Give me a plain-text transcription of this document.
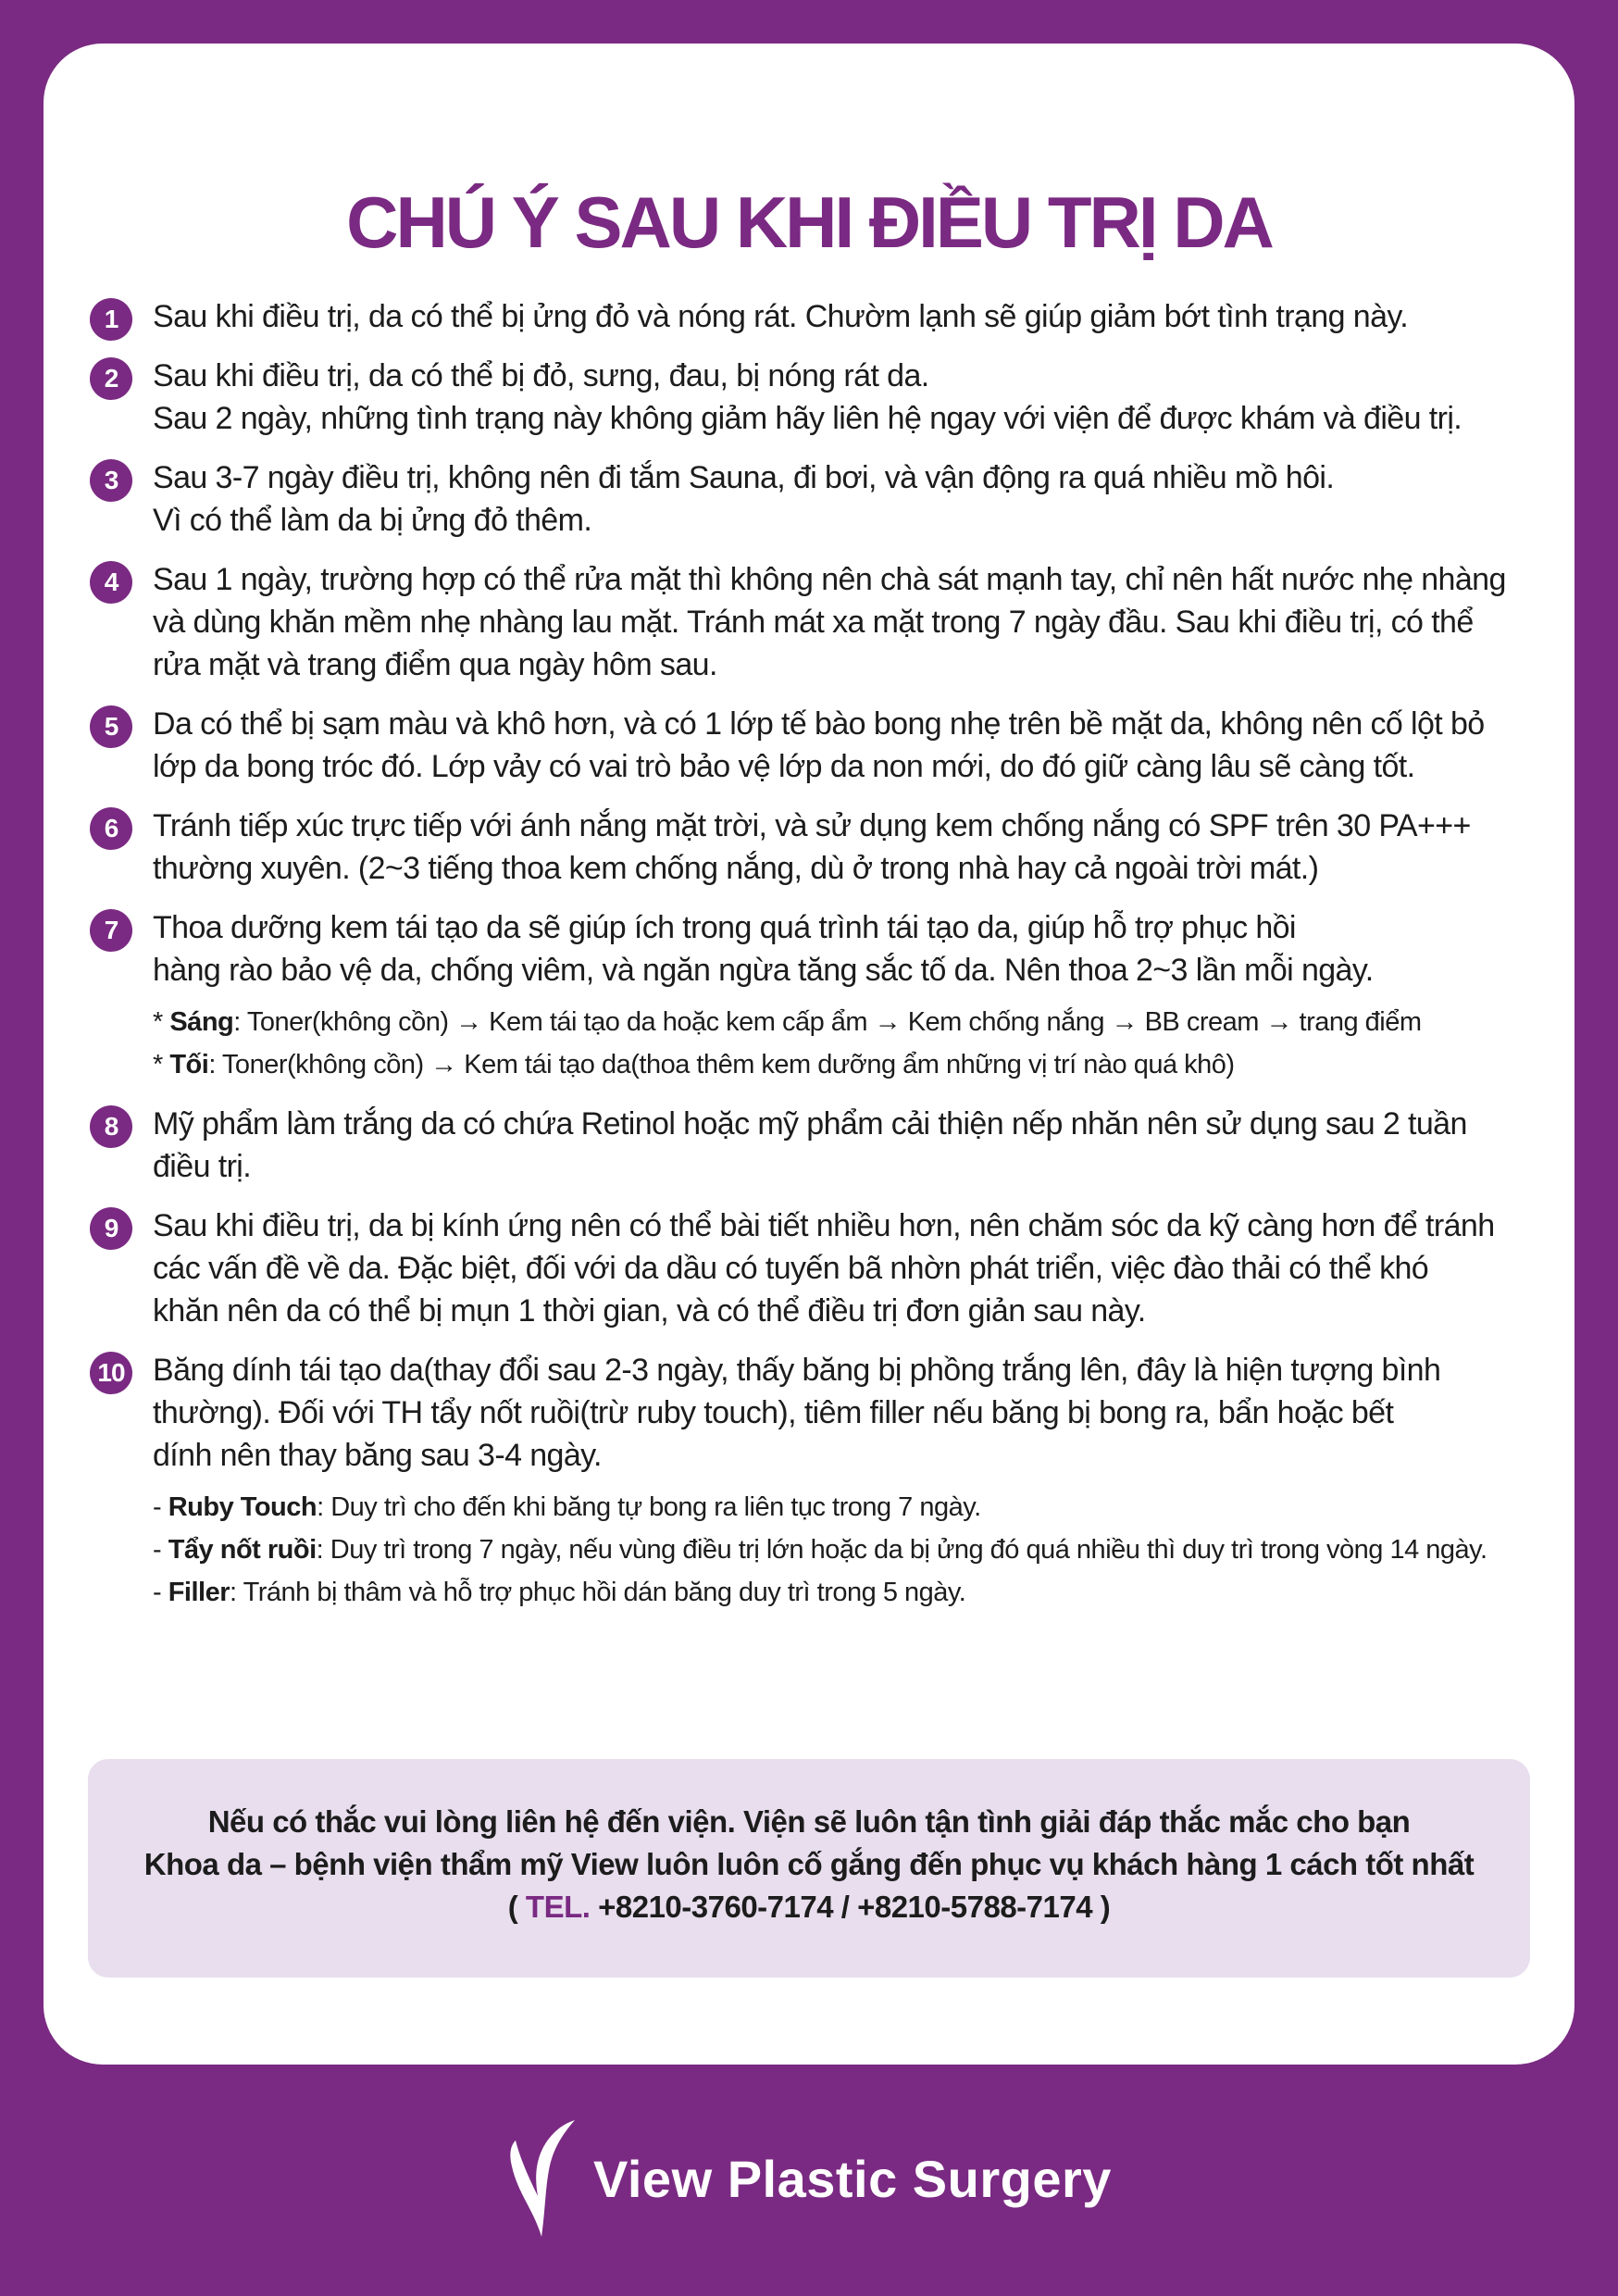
CHÚ Ý SAU KHI ĐIỀU TRỊ DA
1	Sau khi điều trị, da có thể bị ửng đỏ và nóng rát. Chườm lạnh sẽ giúp giảm bớt tình trạng này.
2	Sau khi điều trị, da có thể bị đỏ, sưng, đau, bị nóng rát da.
Sau 2 ngày, những tình trạng này không giảm hãy liên hệ ngay với viện để được khám và điều trị.
3	Sau 3-7 ngày điều trị, không nên đi tắm Sauna, đi bơi, và vận động ra quá nhiều mồ hôi.
Vì có thể làm da bị ửng đỏ thêm.
4	Sau 1 ngày, trường hợp có thể rửa mặt thì không nên chà sát mạnh tay, chỉ nên hất nước nhẹ nhàng
và dùng khăn mềm nhẹ nhàng lau mặt. Tránh mát xa mặt trong 7 ngày đầu. Sau khi điều trị, có thể
rửa mặt và trang điểm qua ngày hôm sau.
5	Da có thể bị sạm màu và khô hơn, và có 1 lớp tế bào bong nhẹ trên bề mặt da, không nên cố lột bỏ
lớp da bong tróc đó. Lớp vảy có vai trò bảo vệ lớp da non mới, do đó giữ càng lâu sẽ càng tốt.
6	Tránh tiếp xúc trực tiếp với ánh nắng mặt trời, và sử dụng kem chống nắng có SPF trên 30 PA+++
thường xuyên. (2~3 tiếng thoa kem chống nắng, dù ở trong nhà hay cả ngoài trời mát.)
7	Thoa dưỡng kem tái tạo da sẽ giúp ích trong quá trình tái tạo da, giúp hỗ trợ phục hồi
hàng rào bảo vệ da, chống viêm, và ngăn ngừa tăng sắc tố da. Nên thoa 2~3 lần mỗi ngày.
* Sáng : Toner(không cồn) → Kem tái tạo da hoặc kem cấp ẩm → Kem chống nắng → BB cream → trang điểm
* Tối : Toner(không cồn) → Kem tái tạo da(thoa thêm kem dưỡng ẩm những vị trí nào quá khô)
8	Mỹ phẩm làm trắng da có chứa Retinol hoặc mỹ phẩm cải thiện nếp nhăn nên sử dụng sau 2 tuần
điều trị.
9	Sau khi điều trị, da bị kính ứng nên có thể bài tiết nhiều hơn, nên chăm sóc da kỹ càng hơn để tránh
các vấn đề về da. Đặc biệt, đối với da dầu có tuyến bã nhờn phát triển, việc đào thải có thể khó
khăn nên da có thể bị mụn 1 thời gian, và có thể điều trị đơn giản sau này.
10 Băng dính tái tạo da(thay đổi sau 2-3 ngày, thấy băng bị phồng trắng lên, đây là hiện tượng bình
thường). Đối với TH tẩy nốt ruồi(trừ ruby touch), tiêm filler nếu băng bị bong ra, bẩn hoặc bết
dính nên thay băng sau 3-4 ngày.
- Ruby Touch : Duy trì cho đến khi băng tự bong ra liên tục trong 7 ngày.
- Tẩy nốt ruồi : Duy trì trong 7 ngày, nếu vùng điều trị lớn hoặc da bị ửng đó quá nhiều thì duy trì trong vòng 14 ngày.
- Filler : Tránh bị thâm và hỗ trợ phục hồi dán băng duy trì trong 5 ngày.
Nếu có thắc vui lòng liên hệ đến viện. Viện sẽ luôn tận tình giải đáp thắc mắc cho bạn
Khoa da – bệnh viện thẩm mỹ View luôn luôn cố gắng đến phục vụ khách hàng 1 cách tốt nhất
( TEL. +8210-3760-7174 / +8210-5788-7174 )
View Plastic Surgery
